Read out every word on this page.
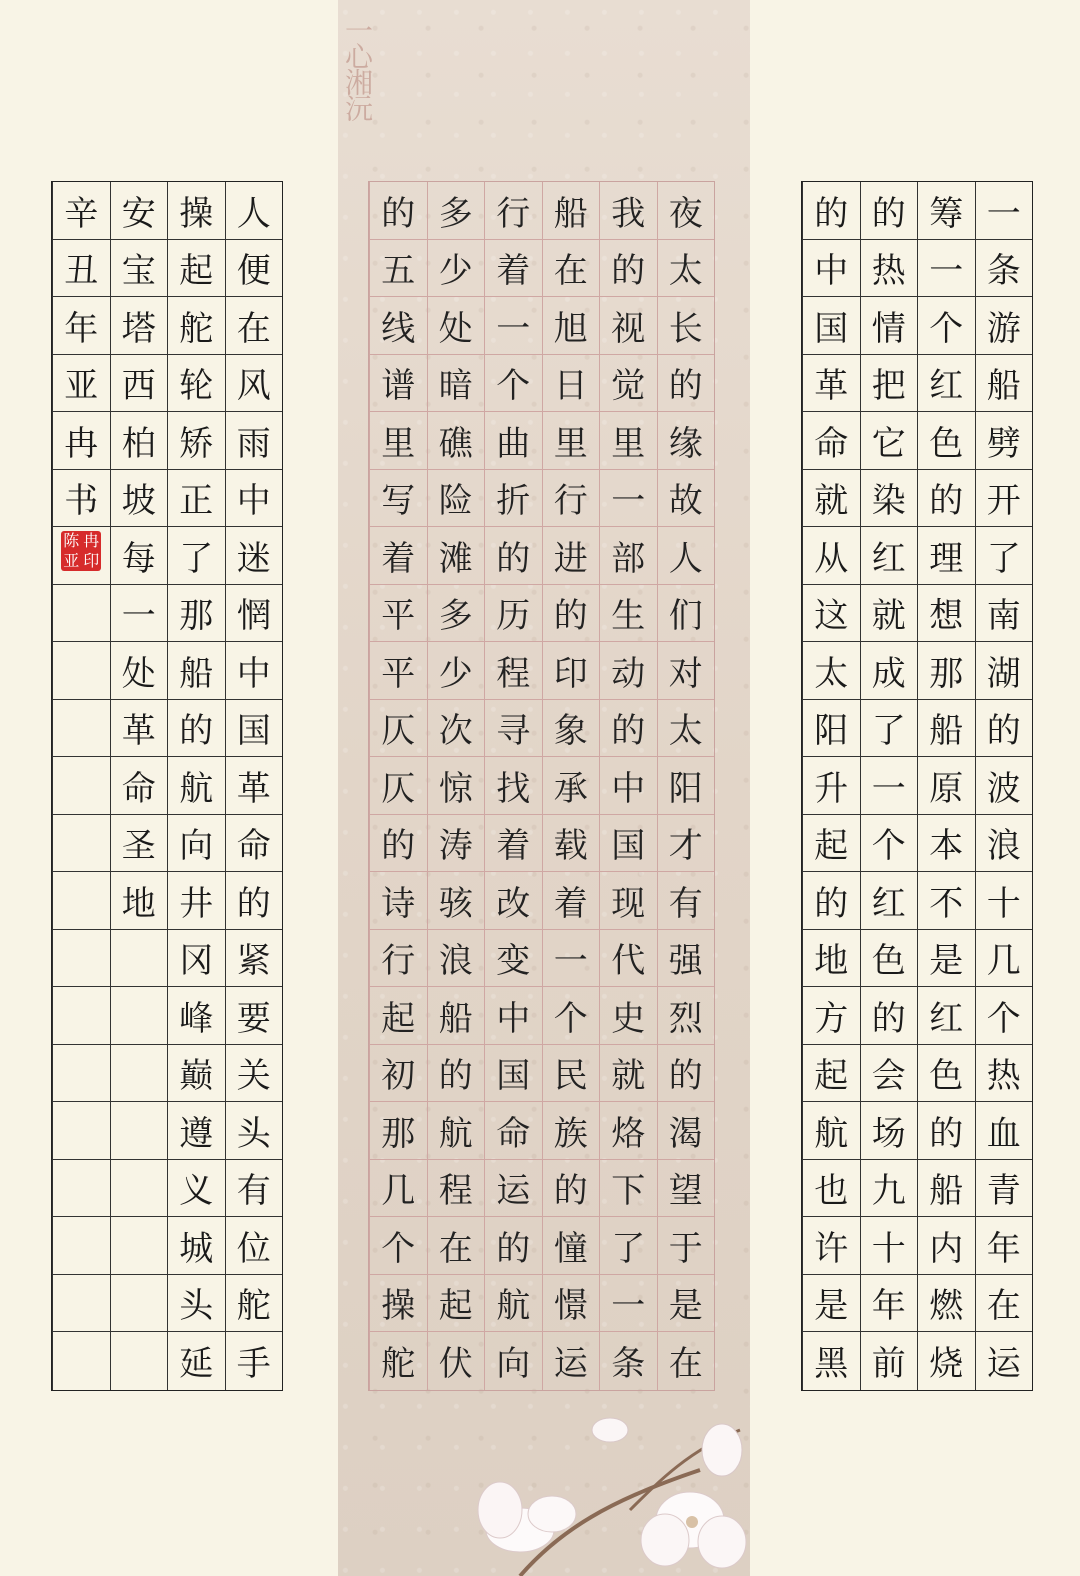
一心湘沅
一
条
游
船
劈
开
了
南
湖
的
波
浪
十
几
个
热
血
青
年
在
运
筹
一
个
红
色
的
理
想
那
船
原
本
不
是
红
色
的
船
内
燃
烧
的
热
情
把
它
染
红
就
成
了
一
个
红
色
的
会
场
九
十
年
前
的
中
国
革
命
就
从
这
太
阳
升
起
的
地
方
起
航
也
许
是
黑
夜
太
长
的
缘
故
人
们
对
太
阳
才
有
强
烈
的
渴
望
于
是
在
我
的
视
觉
里
一
部
生
动
的
中
国
现
代
史
就
烙
下
了
一
条
船
在
旭
日
里
行
进
的
印
象
承
载
着
一
个
民
族
的
憧
憬
运
行
着
一
个
曲
折
的
历
程
寻
找
着
改
变
中
国
命
运
的
航
向
多
少
处
暗
礁
险
滩
多
少
次
惊
涛
骇
浪
船
的
航
程
在
起
伏
的
五
线
谱
里
写
着
平
平
仄
仄
的
诗
行
起
初
那
几
个
操
舵
人
便
在
风
雨
中
迷
惘
中
国
革
命
的
紧
要
关
头
有
位
舵
手
操
起
舵
轮
矫
正
了
那
船
的
航
向
井
冈
峰
巅
遵
义
城
头
延
安
宝
塔
西
柏
坡
每
一
处
革
命
圣
地
辛
丑
年
亚
冉
书
陈 冉
亚 印
